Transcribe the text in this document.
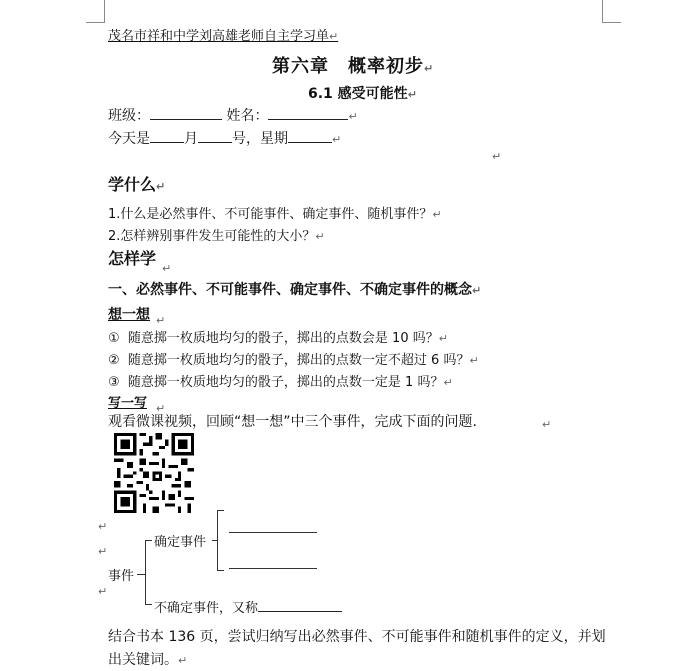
茂名市祥和中学刘高雄老师自主学习单↵
第六章　概率初步↵
6.1 感受可能性↵
班级：	姓名：	↵
今天是 月 号，星期	↵
↵
学什么↵
1.什么是必然事件、不可能事件、确定事件、随机事件？↵
2.怎样辨别事件发生可能性的大小？↵
怎样学
↵
一、必然事件、不可能事件、确定事件、不确定事件的概念↵
想一想 ↵
① 随意掷一枚质地均匀的骰子，掷出的点数会是 10 吗？↵
② 随意掷一枚质地均匀的骰子，掷出的点数一定不超过 6 吗？↵
③ 随意掷一枚质地均匀的骰子，掷出的点数一定是 1 吗？↵
写一写 ↵
观看微课视频，回顾“想一想”中三个事件，完成下面的问题.	↵
↵
↵
↵
事件
确定事件
不确定事件，又称
结合书本 136 页，尝试归纳写出必然事件、不可能事件和随机事件的定义，并划
出关键词。↵
